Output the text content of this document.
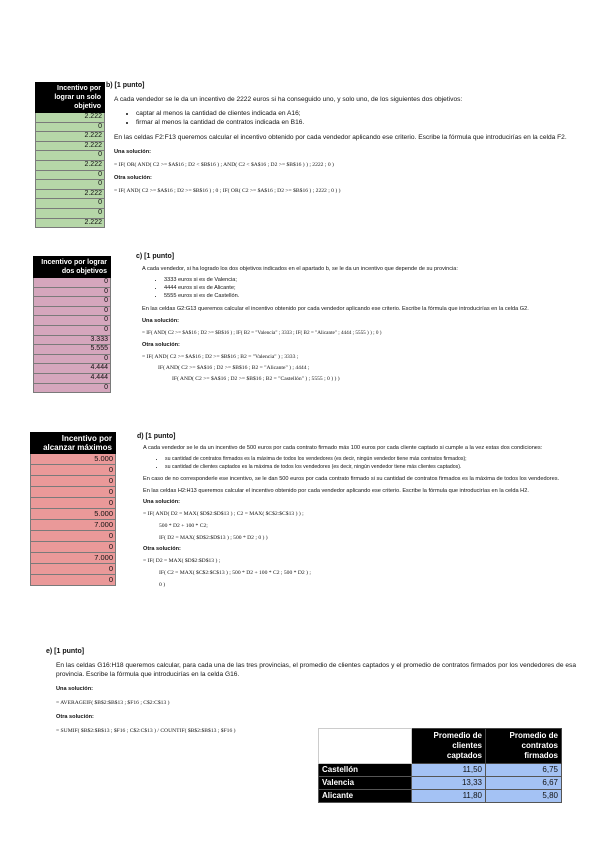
Incentivo por lograr un solo objetivo
2.222
0
2.222
2.222
0
2.222
0
0
2.222
0
0
2.222
b) [1 punto]
A cada vendedor se le da un incentivo de 2222 euros si ha conseguido uno, y solo uno, de los siguientes dos objetivos:
• captar al menos la cantidad de clientes indicada en A16;
• firmar al menos la cantidad de contratos indicada en B16.
En las celdas F2:F13 queremos calcular el incentivo obtenido por cada vendedor aplicando ese criterio. Escribe la fórmula que introducirías en la celda F2.
Una solución:
= IF( OR( AND( C2 >= $A$16 ; D2 < $B$16 ) ; AND( C2 < $A$16 ; D2 >= $B$16 ) ) ; 2222 ; 0 )
Otra solución:
= IF( AND( C2 >= $A$16 ; D2 >= $B$16 ) ; 0 ; IF( OR( C2 >= $A$16 ; D2 >= $B$16 ) ; 2222 ; 0 ) )
Incentivo por lograr dos objetivos
0
0
0
0
0
0
3.333
5.555
0
4.444
4.444
0
c) [1 punto]
A cada vendedor, si ha logrado los dos objetivos indicados en el apartado b, se le da un incentivo que depende de su provincia:
• 3333 euros si es de Valencia;
• 4444 euros si es de Alicante;
• 5555 euros si es de Castellón.
En las celdas G2:G13 queremos calcular el incentivo obtenido por cada vendedor aplicando ese criterio. Escribe la fórmula que introducirías en la celda G2.
Una solución:
= IF( AND( C2 >= $A$16 ; D2 >= $B$16 ) ; IF( B2 = "Valencia" ; 3333 ; IF( B2 = "Alicante" ; 4444 ; 5555 ) ) ; 0 )
Otra solución:
= IF( AND( C2 >= $A$16 ; D2 >= $B$16 ; B2 = "Valencia" ) ; 3333 ;
IF( AND( C2 >= $A$16 ; D2 >= $B$16 ; B2 = "Alicante" ) ; 4444 ;
IF( AND( C2 >= $A$16 ; D2 >= $B$16 ; B2 = "Castellón" ) ; 5555 ; 0 ) ) )
Incentivo por alcanzar máximos
5.000
0
0
0
0
5.000
7.000
0
0
7.000
0
0
d) [1 punto]
A cada vendedor se le da un incentivo de 500 euros por cada contrato firmado más 100 euros por cada cliente captado si cumple a la vez estas dos condiciones:
• su cantidad de contratos firmados es la máxima de todos los vendedores (es decir, ningún vendedor tiene más contratos firmados);
• su cantidad de clientes captados es la máxima de todos los vendedores (es decir, ningún vendedor tiene más clientes captados).
En caso de no corresponderle ese incentivo, se le dan 500 euros por cada contrato firmado si su cantidad de contratos firmados es la máxima de todos los vendedores.
En las celdas H2:H13 queremos calcular el incentivo obtenido por cada vendedor aplicando ese criterio. Escribe la fórmula que introducirías en la celda H2.
Una solución:
= IF( AND( D2 = MAX( $D$2:$D$13 ) ; C2 = MAX( $C$2:$C$13 ) ) ;
500 * D2 + 100 * C2;
IF( D2 = MAX( $D$2:$D$13 ) ; 500 * D2 ; 0 ) )
Otra solución:
= IF( D2 = MAX( $D$2:$D$13 ) ;
IF( C2 = MAX( $C$2:$C$13 ) ; 500 * D2 + 100 * C2 ; 500 * D2 ) ;
0 )
e) [1 punto]
En las celdas G16:H18 queremos calcular, para cada una de las tres provincias, el promedio de clientes captados y el promedio de contratos firmados por los vendedores de esa provincia. Escribe la fórmula que introducirías en la celda G16.
Una solución:
= AVERAGEIF( $B$2:$B$13 ; $F16 ; C$2:C$13 )
Otra solución:
= SUMIF( $B$2:$B$13 ; $F16 ; C$2:C$13 ) / COUNTIF( $B$2:$B$13 ; $F16 )
		Promedio de clientes captados	Promedio de contratos firmados
Castellón	11,50	6,75
Valencia	13,33	6,67
Alicante	11,80	5,80
